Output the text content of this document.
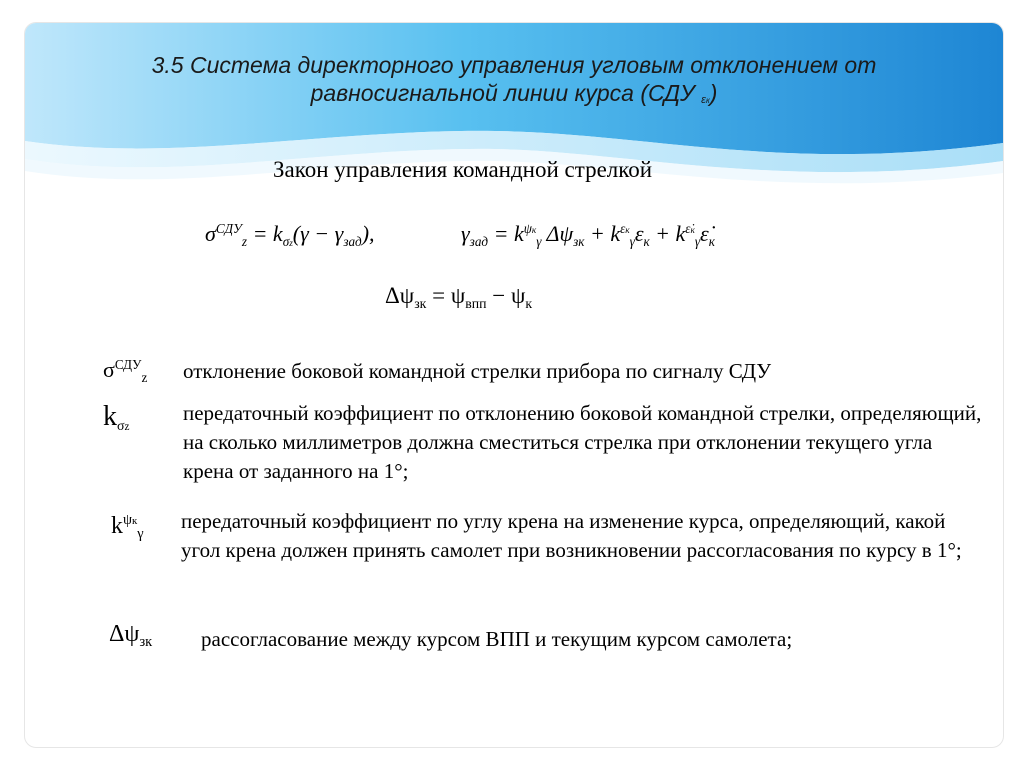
3.5 Система директорного управления угловым отклонением от
равносигнальной линии курса (СДУ $\varepsilon_к$)
Закон управления командной стрелкой
$\sigma^{СДУ}_z = k_{\sigma z}(\gamma - \gamma_{зад})$,	$\gamma_{зад} = k^{\psi к}_\gamma$ $\Delta\psi_{зк} + k^{\varepsilon к}_\gamma\varepsilon_к$ + $k^{\varepsiloṅк}_\gamma\varepsiloṅ_к$
$\Delta\psi_{зк} = \psi_{впп} - \psi_к$
$\sigma^{СДУ}_z$ отклонение боковой командной стрелки прибора по сигналу СДУ
$k_{\sigma z}$
передаточный коэффициент по отклонению боковой командной стрелки, определяющий, на сколько миллиметров должна сместиться стрелка при отклонении текущего угла крена от заданного на 1°;
$k^{\psi к}_\gamma$
передаточный коэффициент по углу крена на изменение курса, определяющий, какой угол крена должен принять самолет при возникновении рассогласования по курсу в 1°;
$\Delta\psi_{зк}$ рассогласование между курсом ВПП и текущим курсом самолета;
